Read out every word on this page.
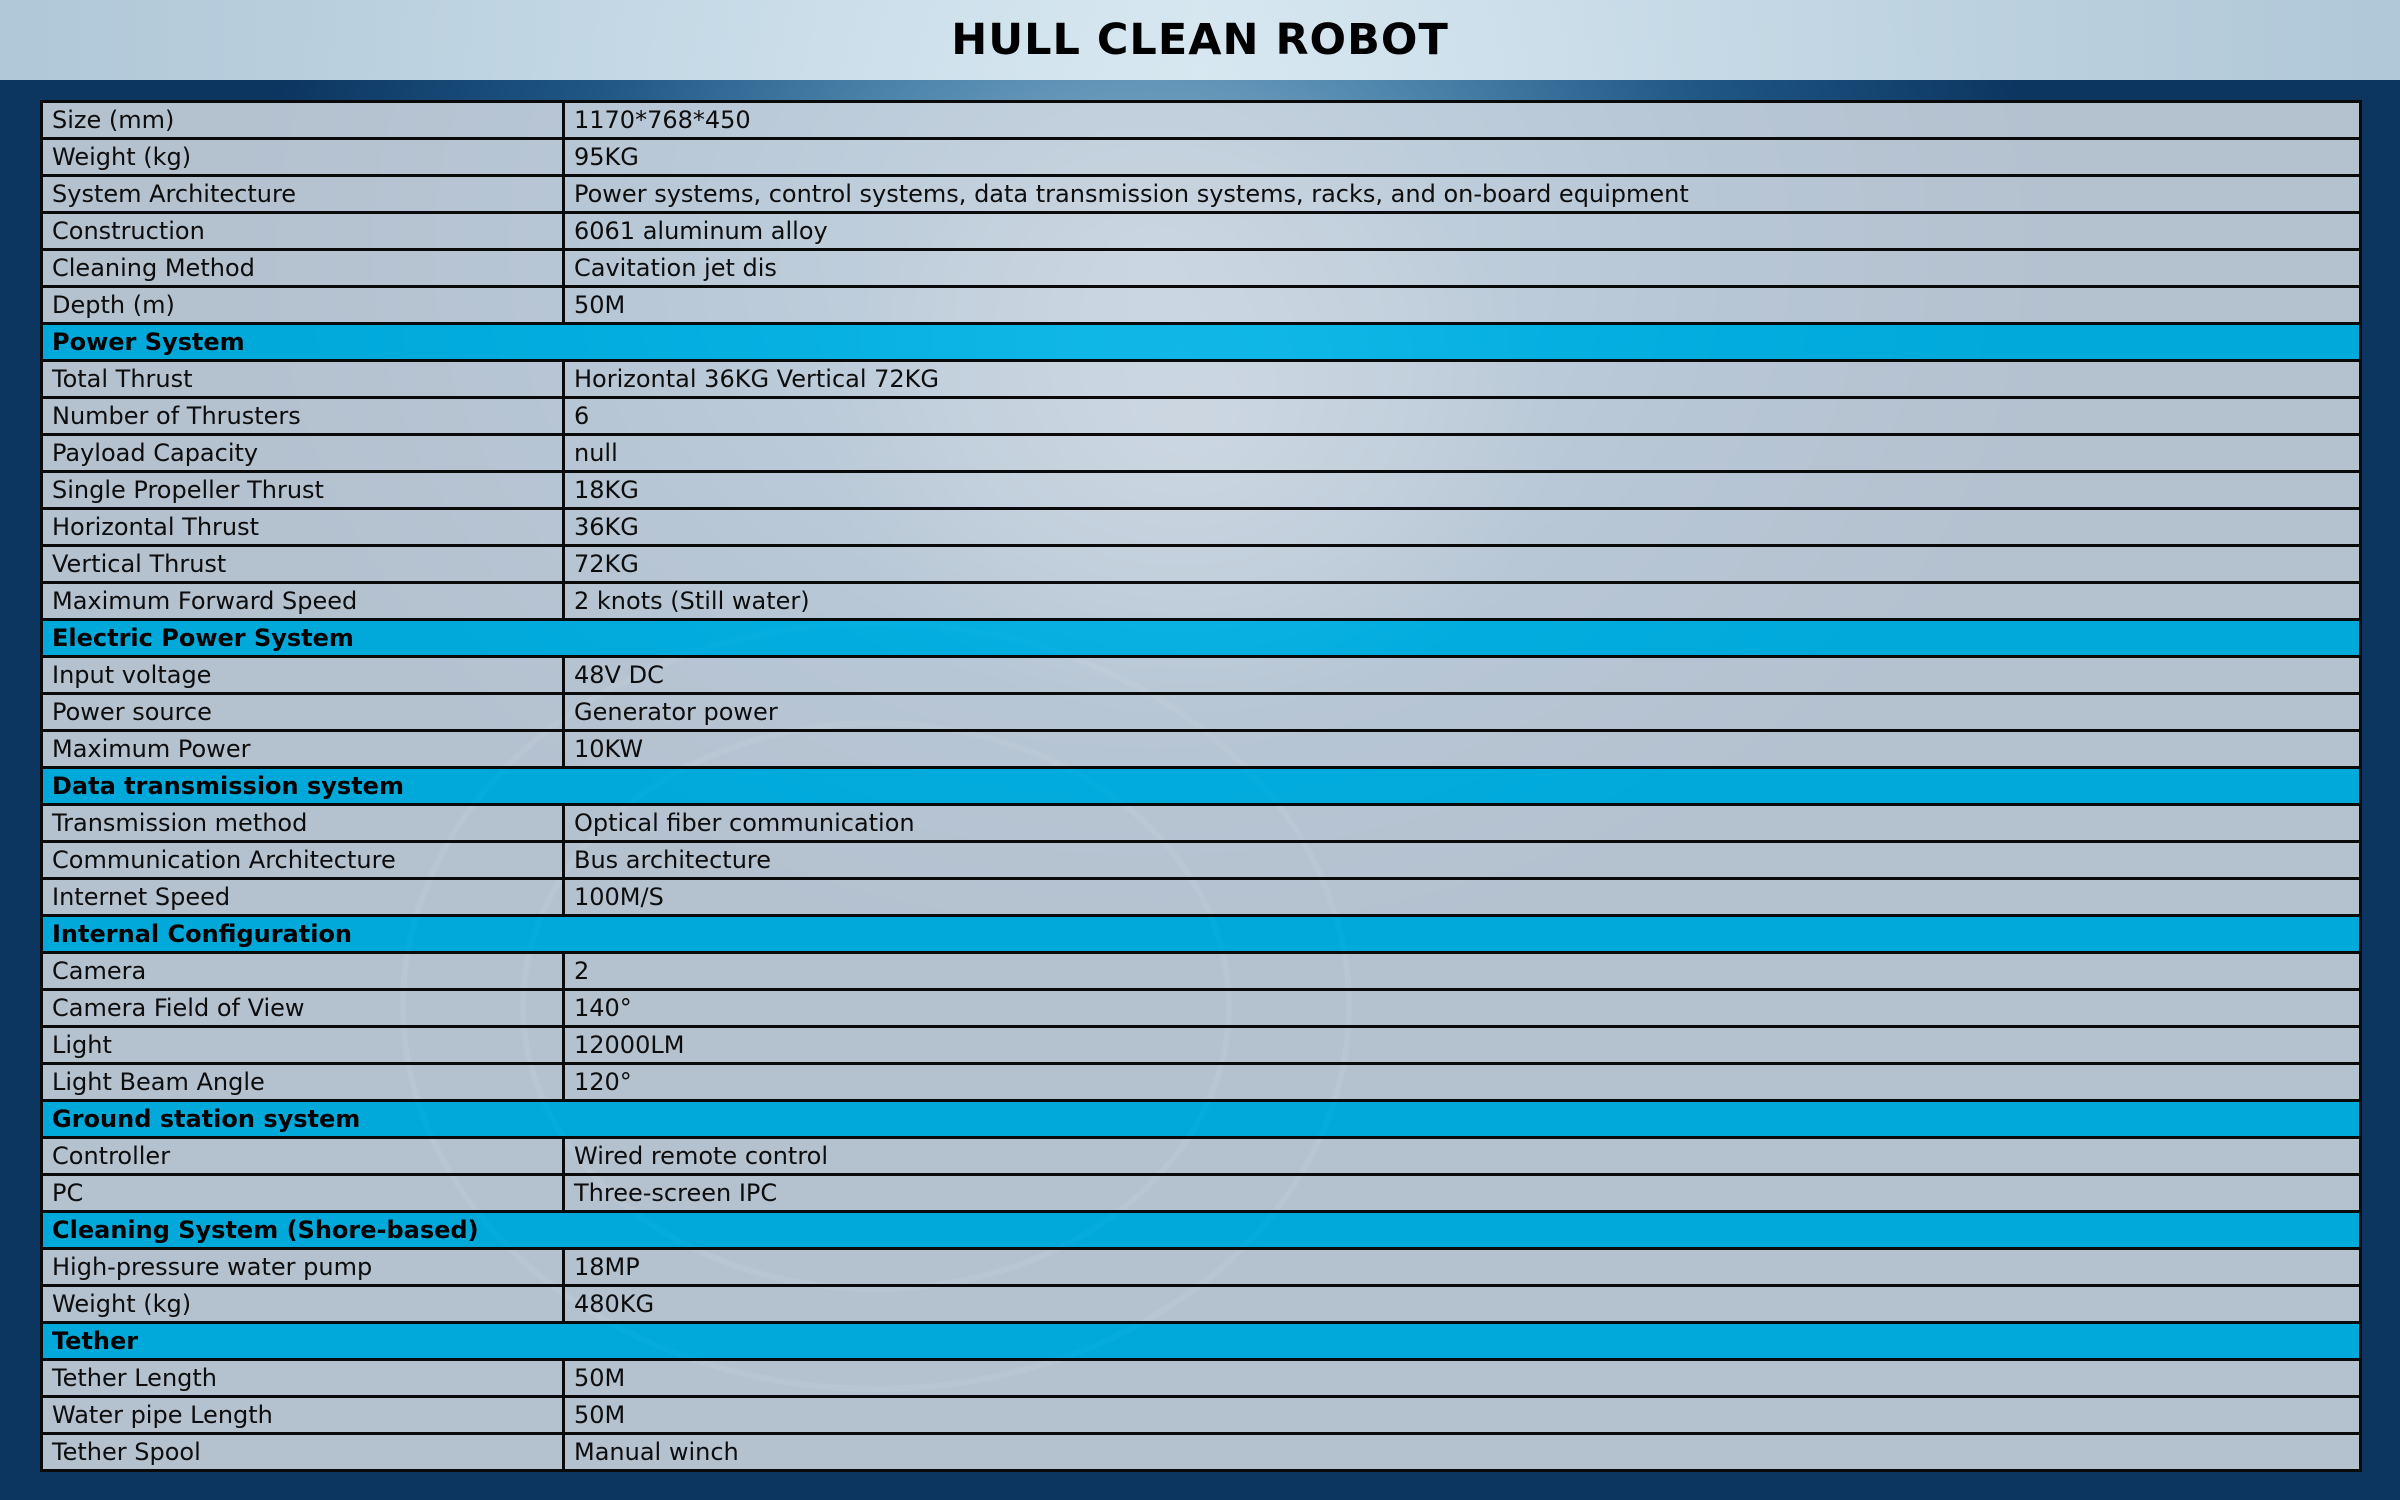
HULL CLEAN ROBOT
Size (mm)	1170*768*450
Weight (kg)	95KG
System Architecture	Power systems, control systems, data transmission systems, racks, and on-board equipment
Construction	6061 aluminum alloy
Cleaning Method	Cavitation jet dis
Depth (m)	50M
Power System	
Total Thrust	Horizontal 36KG Vertical 72KG
Number of Thrusters	6
Payload Capacity	null
Single Propeller Thrust	18KG
Horizontal Thrust	36KG
Vertical Thrust	72KG
Maximum Forward Speed	2 knots (Still water)
Electric Power System	
Input voltage	48V DC
Power source	Generator power
Maximum Power	10KW
Data transmission system	
Transmission method	Optical fiber communication
Communication Architecture	Bus architecture
Internet Speed	100M/S
Internal Configuration	
Camera	2
Camera Field of View	140°
Light	12000LM
Light Beam Angle	120°
Ground station system	
Controller	Wired remote control
PC	Three-screen IPC
Cleaning System (Shore-based)	
High-pressure water pump	18MP
Weight (kg)	480KG
Tether	
Tether Length	50M
Water pipe Length	50M
Tether Spool	Manual winch
